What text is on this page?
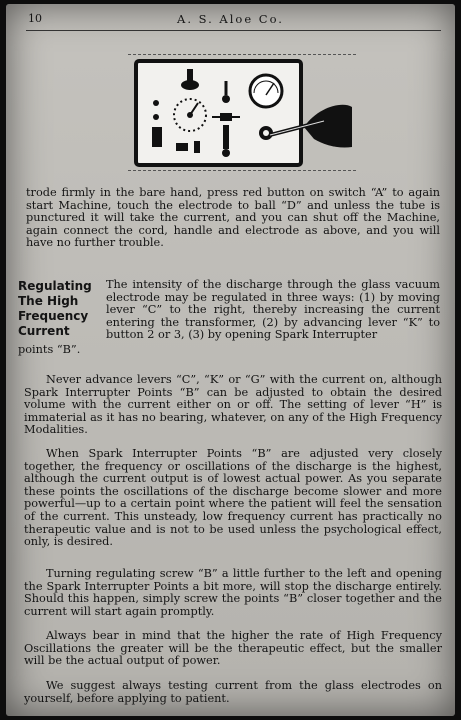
10	A. S. Aloe Co.

trode firmly in the bare hand, press red button on switch “A” to again start Machine, touch the electrode to ball “D” and unless the tube is punctured it will take the current, and you can shut off the Machine, again connect the cord, handle and electrode as above, and you will have no further trouble.

Regulating
The High
Frequency
Current

The intensity of the discharge through the glass vacuum electrode may be regulated in three ways: (1) by moving lever “C” to the right, thereby increasing the current entering the transformer, (2) by advancing lever “K” to button 2 or 3, (3) by opening Spark Interrupter

points “B”.

Never advance levers “C”, “K” or “G” with the current on, although Spark Interrupter Points “B” can be adjusted to obtain the desired volume with the current either on or off. The setting of lever “H” is immaterial as it has no bearing, whatever, on any of the High Frequency Modalities.

When Spark Interrupter Points “B” are adjusted very closely together, the frequency or oscillations of the discharge is the highest, although the current output is of lowest actual power. As you separate these points the oscillations of the discharge become slower and more powerful—up to a certain point where the patient will feel the sensation of the current. This unsteady, low frequency current has practically no therapeutic value and is not to be used unless the psychological effect, only, is desired.

Turning regulating screw “B” a little further to the left and opening the Spark Interrupter Points a bit more, will stop the discharge entirely. Should this happen, simply screw the points “B” closer together and the current will start again promptly.

Always bear in mind that the higher the rate of High Frequency Oscillations the greater will be the therapeutic effect, but the smaller will be the actual output of power.

We suggest always testing current from the glass electrodes on yourself, before applying to patient.
